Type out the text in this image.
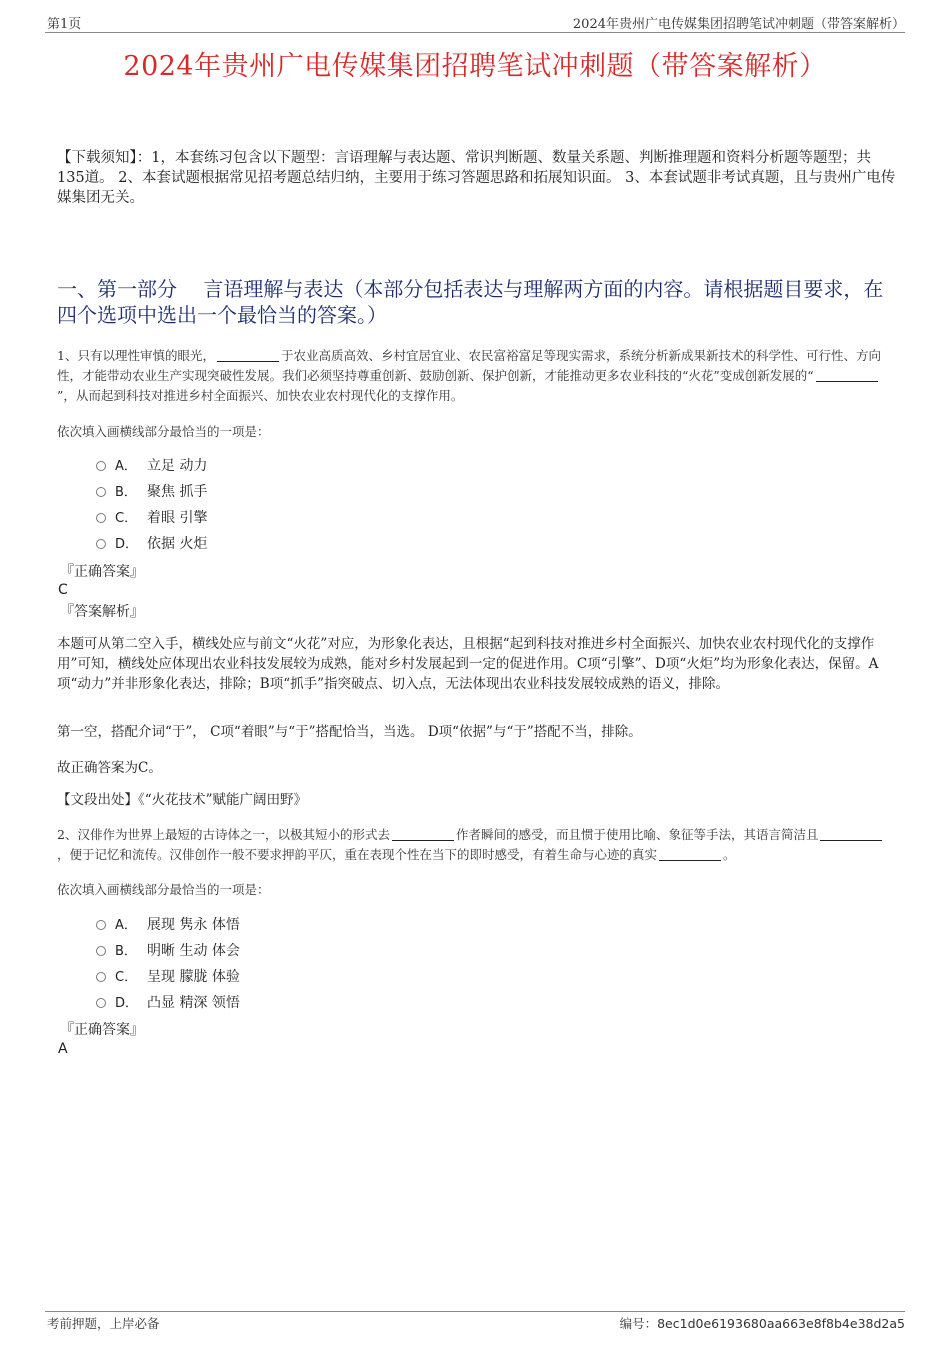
第1页	2024年贵州广电传媒集团招聘笔试冲刺题（带答案解析）
2024年贵州广电传媒集团招聘笔试冲刺题（带答案解析）
【下载须知】：1，本套练习包含以下题型：言语理解与表达题、常识判断题、数量关系题、判断推理题和资料分析题等题型；共135道。 2、本套试题根据常见招考题总结归纳，主要用于练习答题思路和拓展知识面。 3、本套试题非考试真题，且与贵州广电传媒集团无关。
一、第一部分　 言语理解与表达（本部分包括表达与理解两方面的内容。请根据题目要求，在四个选项中选出一个最恰当的答案。）
1、只有以理性审慎的眼光，	于农业高质高效、乡村宜居宜业、农民富裕富足等现实需求，系统分析新成果新技术的科学性、可行性、方向性，才能带动农业生产实现突破性发展。我们必须坚持尊重创新、鼓励创新、保护创新，才能推动更多农业科技的“火花”变成创新发展的“”，从而起到科技对推进乡村全面振兴、加快农业农村现代化的支撑作用。
依次填入画横线部分最恰当的一项是：
A． 立足 动力
B． 聚焦 抓手
C． 着眼 引擎
D． 依据 火炬
『正确答案』
C
『答案解析』
本题可从第二空入手，横线处应与前文“火花”对应，为形象化表达，且根据“起到科技对推进乡村全面振兴、加快农业农村现代化的支撑作用”可知，横线处应体现出农业科技发展较为成熟，能对乡村发展起到一定的促进作用。C项“引擎”、D项“火炬”均为形象化表达，保留。A项“动力”并非形象化表达，排除；B项“抓手”指突破点、切入点，无法体现出农业科技发展较成熟的语义，排除。
第一空，搭配介词“于”， C项“着眼”与“于”搭配恰当，当选。 D项“依据”与“于”搭配不当，排除。
故正确答案为C。
【文段出处】《“火花技术”赋能广阔田野》
2、汉俳作为世界上最短的古诗体之一，以极其短小的形式去	作者瞬间的感受，而且惯于使用比喻、象征等手法，其语言简洁且，便于记忆和流传。汉俳创作一般不要求押韵平仄，重在表现个性在当下的即时感受，有着生命与心迹的真实	。
依次填入画横线部分最恰当的一项是：
A． 展现 隽永 体悟
B． 明晰 生动 体会
C． 呈现 朦胧 体验
D． 凸显 精深 领悟
『正确答案』
A
考前押题，上岸必备	编号：8ec1d0e6193680aa663e8f8b4e38d2a5
